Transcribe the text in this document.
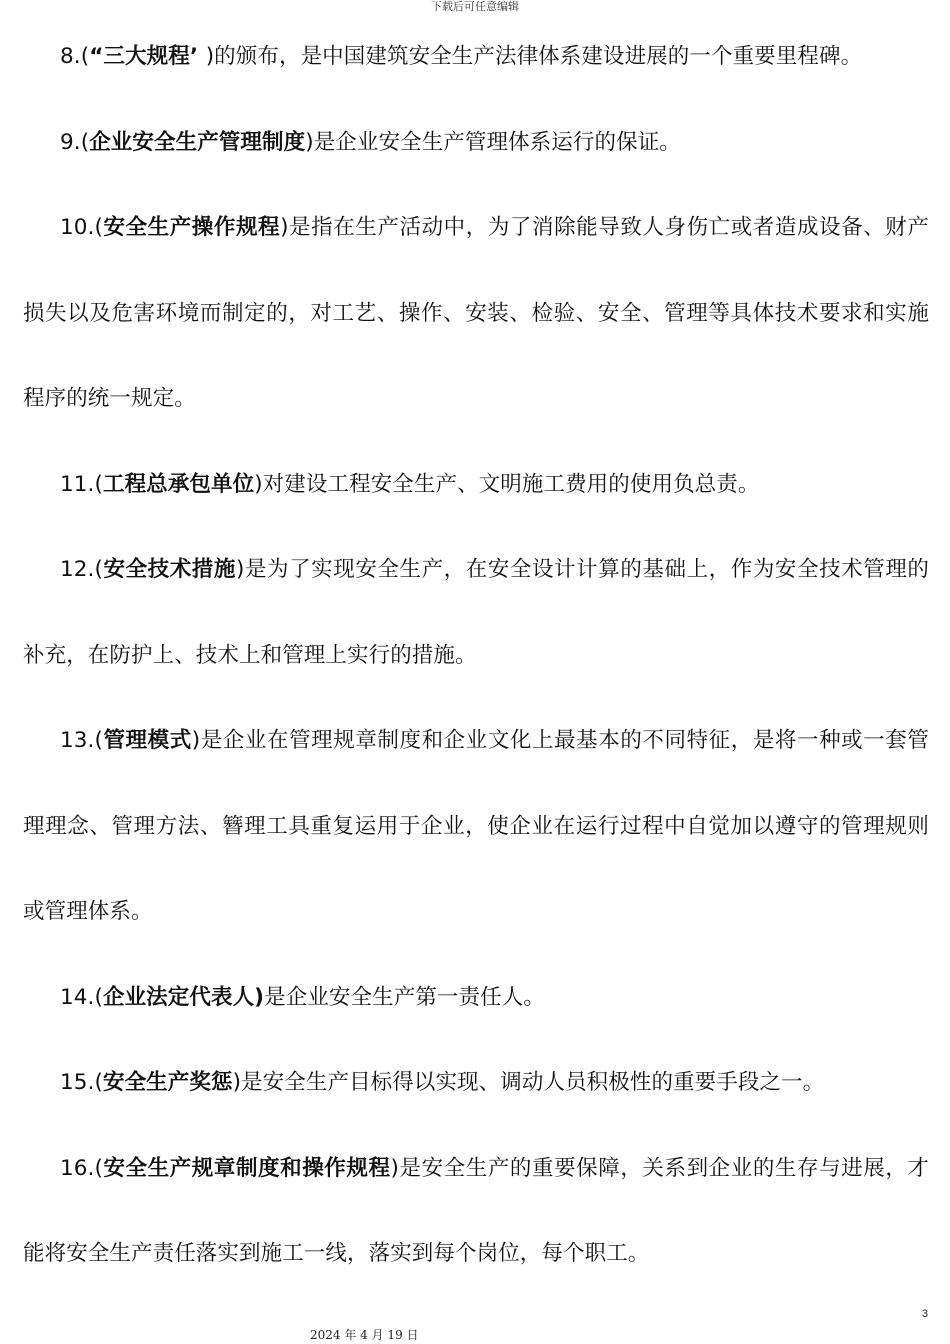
下载后可任意编辑

8.(“三大规程’ )的颁布，是中国建筑安全生产法律体系建设进展的一个重要里程碑。

9.(企业安全生产管理制度)是企业安全生产管理体系运行的保证。

10.(安全生产操作规程)是指在生产活动中，为了消除能导致人身伤亡或者造成设备、财产损失以及危害环境而制定的，对工艺、操作、安装、检验、安全、管理等具体技术要求和实施程序的统一规定。

11.(工程总承包单位)对建设工程安全生产、文明施工费用的使用负总责。

12.(安全技术措施)是为了实现安全生产，在安全设计计算的基础上，作为安全技术管理的补充，在防护上、技术上和管理上实行的措施。

13.(管理模式)是企业在管理规章制度和企业文化上最基本的不同特征，是将一种或一套管理理念、管理方法、簪理工具重复运用于企业，使企业在运行过程中自觉加以遵守的管理规则或管理体系。

14.(企业法定代表人)是企业安全生产第一责任人。

15.(安全生产奖惩)是安全生产目标得以实现、调动人员积极性的重要手段之一。

16.(安全生产规章制度和操作规程)是安全生产的重要保障，关系到企业的生存与进展，才能将安全生产责任落实到施工一线，落实到每个岗位，每个职工。

3
2024 年 4 月 19 日
